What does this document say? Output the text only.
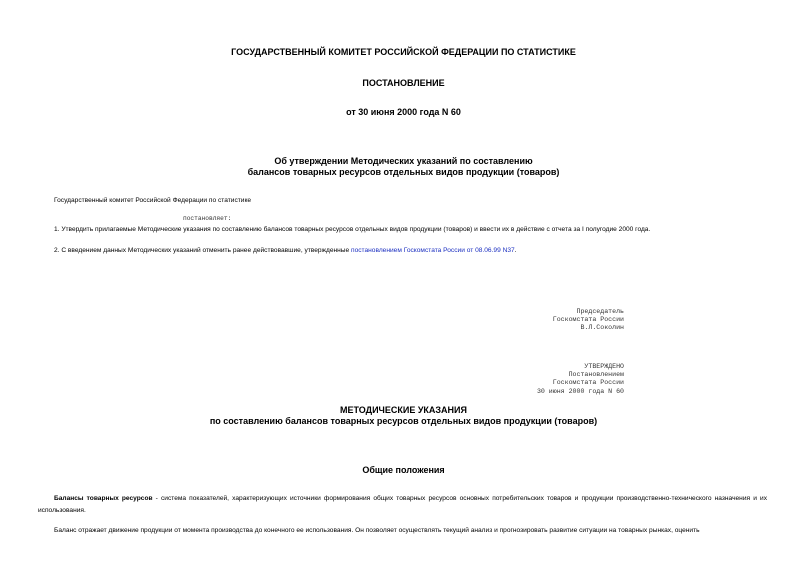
ГОСУДАРСТВЕННЫЙ КОМИТЕТ РОССИЙСКОЙ ФЕДЕРАЦИИ ПО СТАТИСТИКЕ
ПОСТАНОВЛЕНИЕ
от 30 июня 2000 года N 60
Об утверждении Методических указаний по составлению
балансов товарных ресурсов отдельных видов продукции (товаров)
Государственный комитет Российской Федерации по статистике
постановляет:
1. Утвердить прилагаемые Методические указания по составлению балансов товарных ресурсов отдельных видов продукции (товаров) и ввести их в действие с отчета за I полугодие 2000 года.
2. С введением данных Методических указаний отменить ранее действовавшие, утвержденные постановлением Госкомстата России от 08.06.99 N37.
Председатель
Госкомстата России
В.Л.Соколин
УТВЕРЖДЕНО
Постановлением
Госкомстата России
30 июня 2000 года N 60
МЕТОДИЧЕСКИЕ УКАЗАНИЯ
по составлению балансов товарных ресурсов отдельных видов продукции (товаров)
Общие положения
Балансы товарных ресурсов - система показателей, характеризующих источники формирования общих товарных ресурсов основных потребительских товаров и продукции производственно-технического назначения и их использования.
Баланс отражает движение продукции от момента производства до конечного ее использования. Он позволяет осуществлять текущий анализ и прогнозировать развитие ситуации на товарных рынках, оценить
